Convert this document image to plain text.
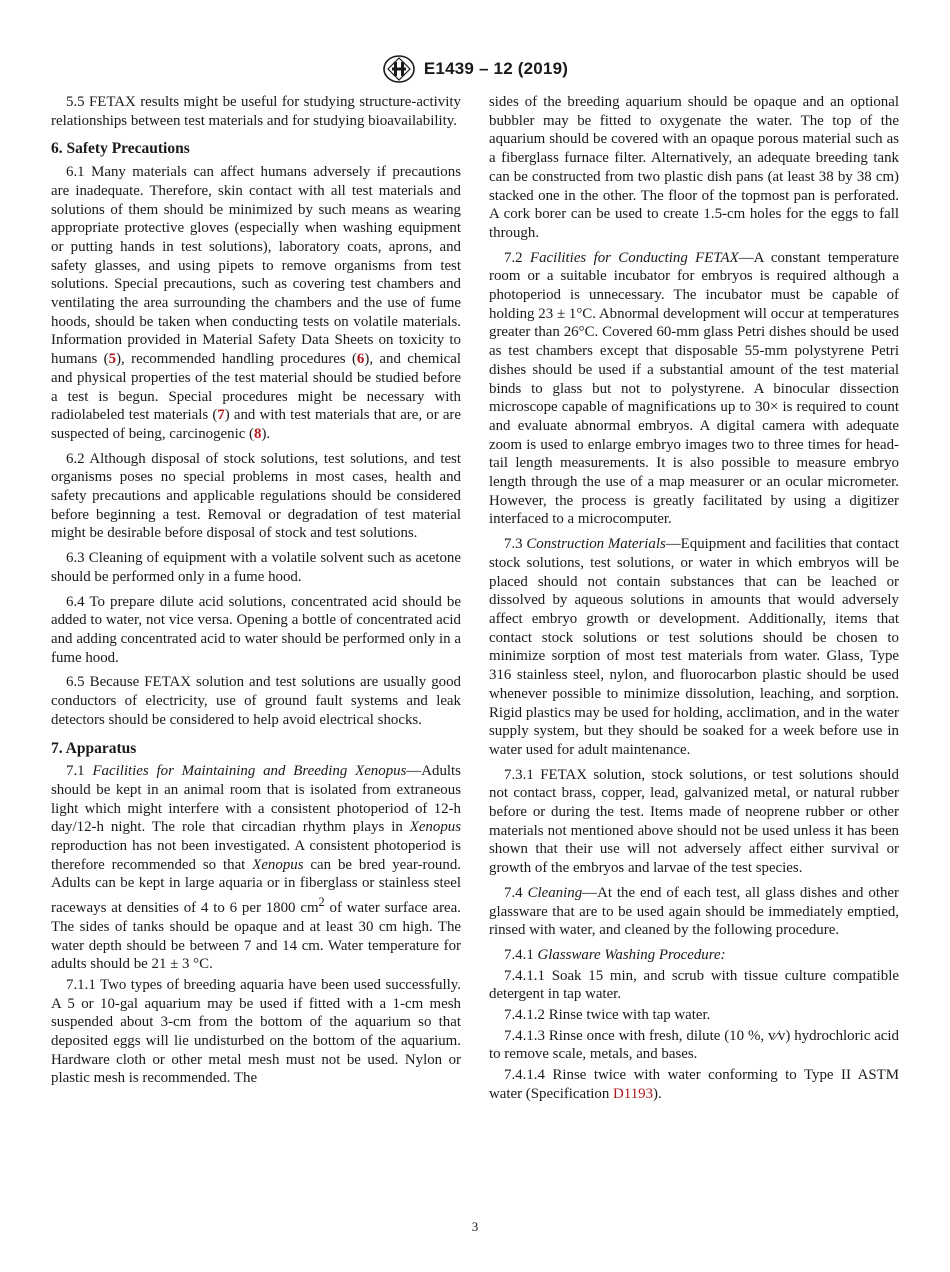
E1439 – 12 (2019)

5.5 FETAX results might be useful for studying structure-activity relationships between test materials and for studying bioavailability.

6. Safety Precautions

6.1 Many materials can affect humans adversely if precautions are inadequate. Therefore, skin contact with all test materials and solutions of them should be minimized by such means as wearing appropriate protective gloves (especially when washing equipment or putting hands in test solutions), laboratory coats, aprons, and safety glasses, and using pipets to remove organisms from test solutions. Special precautions, such as covering test chambers and ventilating the area surrounding the chambers and the use of fume hoods, should be taken when conducting tests on volatile materials. Information provided in Material Safety Data Sheets on toxicity to humans (5), recommended handling procedures (6), and chemical and physical properties of the test material should be studied before a test is begun. Special procedures might be necessary with radiolabeled test materials (7) and with test materials that are, or are suspected of being, carcinogenic (8).

6.2 Although disposal of stock solutions, test solutions, and test organisms poses no special problems in most cases, health and safety precautions and applicable regulations should be considered before beginning a test. Removal or degradation of test material might be desirable before disposal of stock and test solutions.

6.3 Cleaning of equipment with a volatile solvent such as acetone should be performed only in a fume hood.

6.4 To prepare dilute acid solutions, concentrated acid should be added to water, not vice versa. Opening a bottle of concentrated acid and adding concentrated acid to water should be performed only in a fume hood.

6.5 Because FETAX solution and test solutions are usually good conductors of electricity, use of ground fault systems and leak detectors should be considered to help avoid electrical shocks.

7. Apparatus

7.1 Facilities for Maintaining and Breeding Xenopus—Adults should be kept in an animal room that is isolated from extraneous light which might interfere with a consistent photoperiod of 12-h day/12-h night. The role that circadian rhythm plays in Xenopus reproduction has not been investigated. A consistent photoperiod is therefore recommended so that Xenopus can be bred year-round. Adults can be kept in large aquaria or in fiberglass or stainless steel raceways at densities of 4 to 6 per 1800 $cm^2$ of water surface area. The sides of tanks should be opaque and at least 30 cm high. The water depth should be between 7 and 14 cm. Water temperature for adults should be 21 ± 3 °C.

7.1.1 Two types of breeding aquaria have been used successfully. A 5 or 10-gal aquarium may be used if fitted with a 1-cm mesh suspended about 3-cm from the bottom of the aquarium so that deposited eggs will lie undisturbed on the bottom of the aquarium. Hardware cloth or other metal mesh must not be used. Nylon or plastic mesh is recommended. The

sides of the breeding aquarium should be opaque and an optional bubbler may be fitted to oxygenate the water. The top of the aquarium should be covered with an opaque porous material such as a fiberglass furnace filter. Alternatively, an adequate breeding tank can be constructed from two plastic dish pans (at least 38 by 38 cm) stacked one in the other. The floor of the topmost pan is perforated. A cork borer can be used to create 1.5-cm holes for the eggs to fall through.

7.2 Facilities for Conducting FETAX—A constant temperature room or a suitable incubator for embryos is required although a photoperiod is unnecessary. The incubator must be capable of holding 23 ± 1°C. Abnormal development will occur at temperatures greater than 26°C. Covered 60-mm glass Petri dishes should be used as test chambers except that disposable 55-mm polystyrene Petri dishes should be used if a substantial amount of the test material binds to glass but not to polystyrene. A binocular dissection microscope capable of magnifications up to 30× is required to count and evaluate abnormal embryos. A digital camera with adequate zoom is used to enlarge embryo images two to three times for head-tail length measurements. It is also possible to measure embryo length through the use of a map measurer or an ocular micrometer. However, the process is greatly facilitated by using a digitizer interfaced to a microcomputer.

7.3 Construction Materials—Equipment and facilities that contact stock solutions, test solutions, or water in which embryos will be placed should not contain substances that can be leached or dissolved by aqueous solutions in amounts that would adversely affect embryo growth or development. Additionally, items that contact stock solutions or test solutions should be chosen to minimize sorption of most test materials from water. Glass, Type 316 stainless steel, nylon, and fluorocarbon plastic should be used whenever possible to minimize dissolution, leaching, and sorption. Rigid plastics may be used for holding, acclimation, and in the water supply system, but they should be soaked for a week before use in water used for adult maintenance.

7.3.1 FETAX solution, stock solutions, or test solutions should not contact brass, copper, lead, galvanized metal, or natural rubber before or during the test. Items made of neoprene rubber or other materials not mentioned above should not be used unless it has been shown that their use will not adversely affect either survival or growth of the embryos and larvae of the test species.

7.4 Cleaning—At the end of each test, all glass dishes and other glassware that are to be used again should be immediately emptied, rinsed with water, and cleaned by the following procedure.

7.4.1 Glassware Washing Procedure:

7.4.1.1 Soak 15 min, and scrub with tissue culture compatible detergent in tap water.

7.4.1.2 Rinse twice with tap water.

7.4.1.3 Rinse once with fresh, dilute (10 %, v⁄v) hydrochloric acid to remove scale, metals, and bases.

7.4.1.4 Rinse twice with water conforming to Type II ASTM water (Specification D1193).

3
